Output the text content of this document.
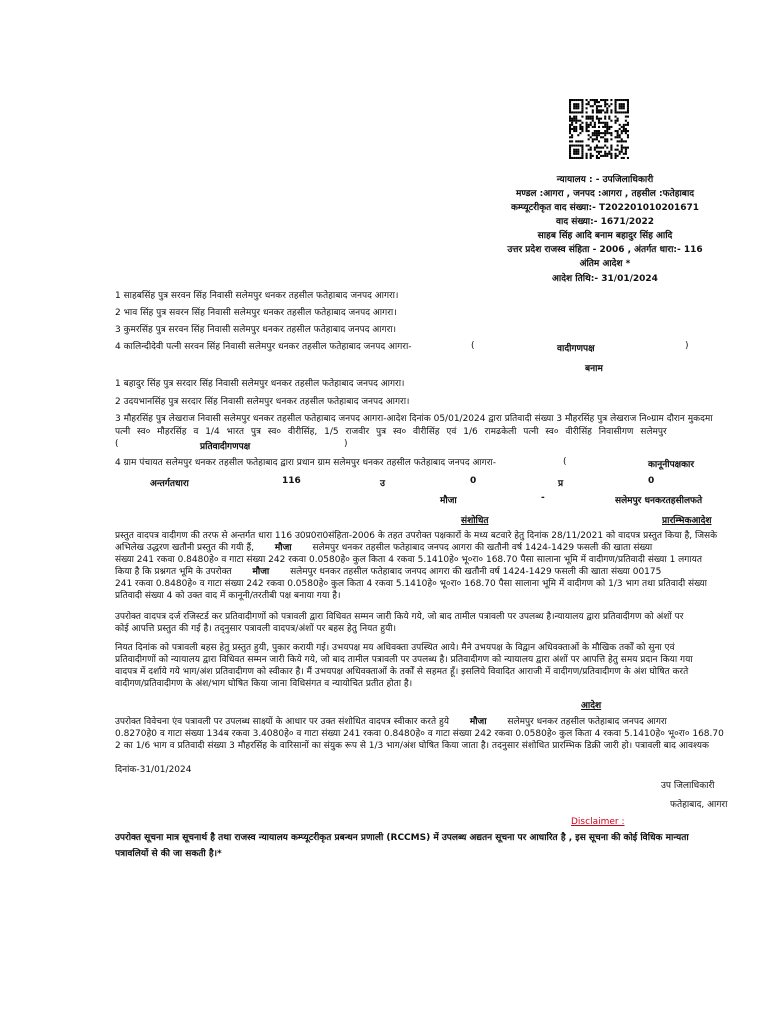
न्यायालय : - उपजिलाधिकारी
मण्डल :आगरा , जनपद :आगरा , तहसील :फतेहाबाद
कम्प्यूटरीकृत वाद संख्या:- T202201010201671
वाद संख्या:- 1671/2022
साहब सिंह आदि बनाम बहादुर सिंह आदि
उत्तर प्रदेश राजस्व संहिता - 2006 , अंतर्गत धारा:- 116
अंतिम आदेश *
आदेश तिथि:- 31/01/2024
1 साहबसिंह पुत्र सरवन सिंह निवासी सलेमपुर धनकर तहसील फतेहाबाद जनपद आगरा।
2 भाव सिंह पुत्र सवरन सिंह निवासी सलेमपुर धनकर तहसील फतेहाबाद जनपद आगरा।
3 कुमरसिंह पुत्र सरवन सिंह निवासी सलेमपुर धनकर तहसील फतेहाबाद जनपद आगरा।
4 कालिन्दीदेवी पत्नी सरवन सिंह निवासी सलेमपुर धनकर तहसील फतेहाबाद जनपद आगरा-	(	वादीगणपक्ष	)
बनाम
1 बहादुर सिंह पुत्र सरदार सिंह निवासी सलेमपुर धनकर तहसील फतेहाबाद जनपद आगरा।
2 उदयभानसिंह पुत्र सरदार सिंह निवासी सलेमपुर धनकर तहसील फतेहाबाद जनपद आगरा।
3 मौहरसिंह पुत्र लेखराज निवासी सलेमपुर धनकर तहसील फतेहाबाद जनपद आगरा-आदेश दिनांक 05/01/2024 द्वारा प्रतिवादी संख्या 3 मौहरसिंह पुत्र लेखराज नि०ग्राम दौरान मुकदमा
पत्नी स्व० मौहरसिंह व 1/4 भारत पुत्र स्व० वीरीसिंह, 1/5 राजवीर पुत्र स्व० वीरीसिंह एवं 1/6 रामढकेली पत्नी स्व० वीरीसिंह निवासीगण सलेमपुर
(	प्रतिवादीगणपक्ष	)
4 ग्राम पंचायत सलेमपुर धनकर तहसील फतेहाबाद द्वारा प्रधान ग्राम सलेमपुर धनकर तहसील फतेहाबाद जनपद आगरा-	(	कानूनीपक्षकार
अन्तर्गतधारा	116	उ	0	प्र	0
मौजा	-	सलेमपुर धनकरतहसीलफते
संशोधित	प्रारम्भिकआदेश

प्रस्तुत वादपत्र वादीगण की तरफ से अन्तर्गत धारा 116 उ0प्र0रा0संहिता-2006 के तहत उपरोक्त पक्षकारों के मध्य बटवारे हेतु दिनांक 28/11/2021 को वादपत्र प्रस्तुत किया है, जिसके

अभिलेख उद्धरण खतौनी प्रस्तुत की गयी हैं, मौजा सलेमपुर धनकर तहसील फतेहाबाद जनपद आगरा की खतौनी वर्ष 1424-1429 फसली की खाता संख्या

संख्या 241 रकवा 0.8480हे० व गाटा संख्या 242 रकवा 0.0580हे० कुल किता 4 रकवा 5.1410हे० भू०रा० 168.70 पैसा सालाना भूमि में वादीगण/प्रतिवादी संख्या 1 लगायत

किया है कि प्रश्नगत भूमि के उपरोक्त मौजा सलेमपुर धनकर तहसील फतेहाबाद जनपद आगरा की खतौनी वर्ष 1424-1429 फसली की खाता संख्या 00175

241 रकवा 0.8480हे० व गाटा संख्या 242 रकवा 0.0580हे० कुल किता 4 रकवा 5.1410हे० भू०रा० 168.70 पैसा सालाना भूमि में वादीगण को 1/3 भाग तथा प्रतिवादी संख्या

प्रतिवादी संख्या 4 को उक्त वाद में कानूनी/तरतीबी पक्ष बनाया गया है।

उपरोक्त वादपत्र दर्ज रजिस्टर्ड कर प्रतिवादीगणों को पत्रावली द्वारा विधिवत सम्मन जारी किये गये, जो बाद तामील पत्रावली पर उपलब्ध है।न्यायालय द्वारा प्रतिवादीगण को अंशों पर

कोई आपत्ति प्रस्तुत की गई है। तद्नुसार पत्रावली वादपत्र/अंशों पर बहस हेतु नियत हुयी।

नियत दिनांक को पत्रावली बहस हेतु प्रस्तुत हुयी, पुकार करायी गई। उभयपक्ष मय अधिवक्ता उपस्थित आये। मैने उभयपक्ष के विद्वान अधिवक्ताओं के मौखिक तर्कों को सुना एवं

प्रतिवादीगणों को न्यायालय द्वारा विधिवत सम्मन जारी किये गये, जो बाद तामील पत्रावली पर उपलब्ध है। प्रतिवादीगण को न्यायालय द्वारा अंशों पर आपत्ति हेतु समय प्रदान किया गया

वादपत्र में दर्शाये गये भाग/अंश प्रतिवादीगण को स्वीकार है। मैं उभयपक्ष अधिवक्ताओं के तर्कों से सहमत हूँ। इसलिये विवादित आराजी में वादीगण/प्रतिवादीगण के अंश घोषित करते

वादीगण/प्रतिवादीगण के अंश/भाग घोषित किया जाना विधिसंगत व न्यायोचित प्रतीत होता है।

आदेश

उपरोक्त विवेचना एंव पत्रावली पर उपलब्ध साक्ष्यों के आधार पर उक्त संशोधित वादपत्र स्वीकार करते हुये मौजा सलेमपुर धनकर तहसील फतेहाबाद जनपद आगरा

0.8270हे0 व गाटा संख्या 134ब रकवा 3.4080हे० व गाटा संख्या 241 रकवा 0.8480हे० व गाटा संख्या 242 रकवा 0.0580हे० कुल किता 4 रकवा 5.1410हे० भू०रा० 168.70

2 का 1/6 भाग व प्रतिवादी संख्या 3 मौहरसिंह के वारिसानों का संयुक रूप से 1/3 भाग/अंश घोषित किया जाता है। तदनुसार संशोधित प्रारम्भिक डिक्री जारी हो। पत्रावली बाद आवश्यक

दिनांक-31/01/2024
उप जिलाधिकारी
फतेहाबाद, आगरा
Disclaimer :
उपरोक्त सूचना मात्र सूचनार्थ है तथा राजस्व न्यायालय कम्प्यूटरीकृत प्रबन्धन प्रणाली (RCCMS) में उपलब्ध अद्यतन सूचना पर आधारित है , इस सूचना की कोई विधिक मान्यता
पत्रावलियों से की जा सकती है।*
